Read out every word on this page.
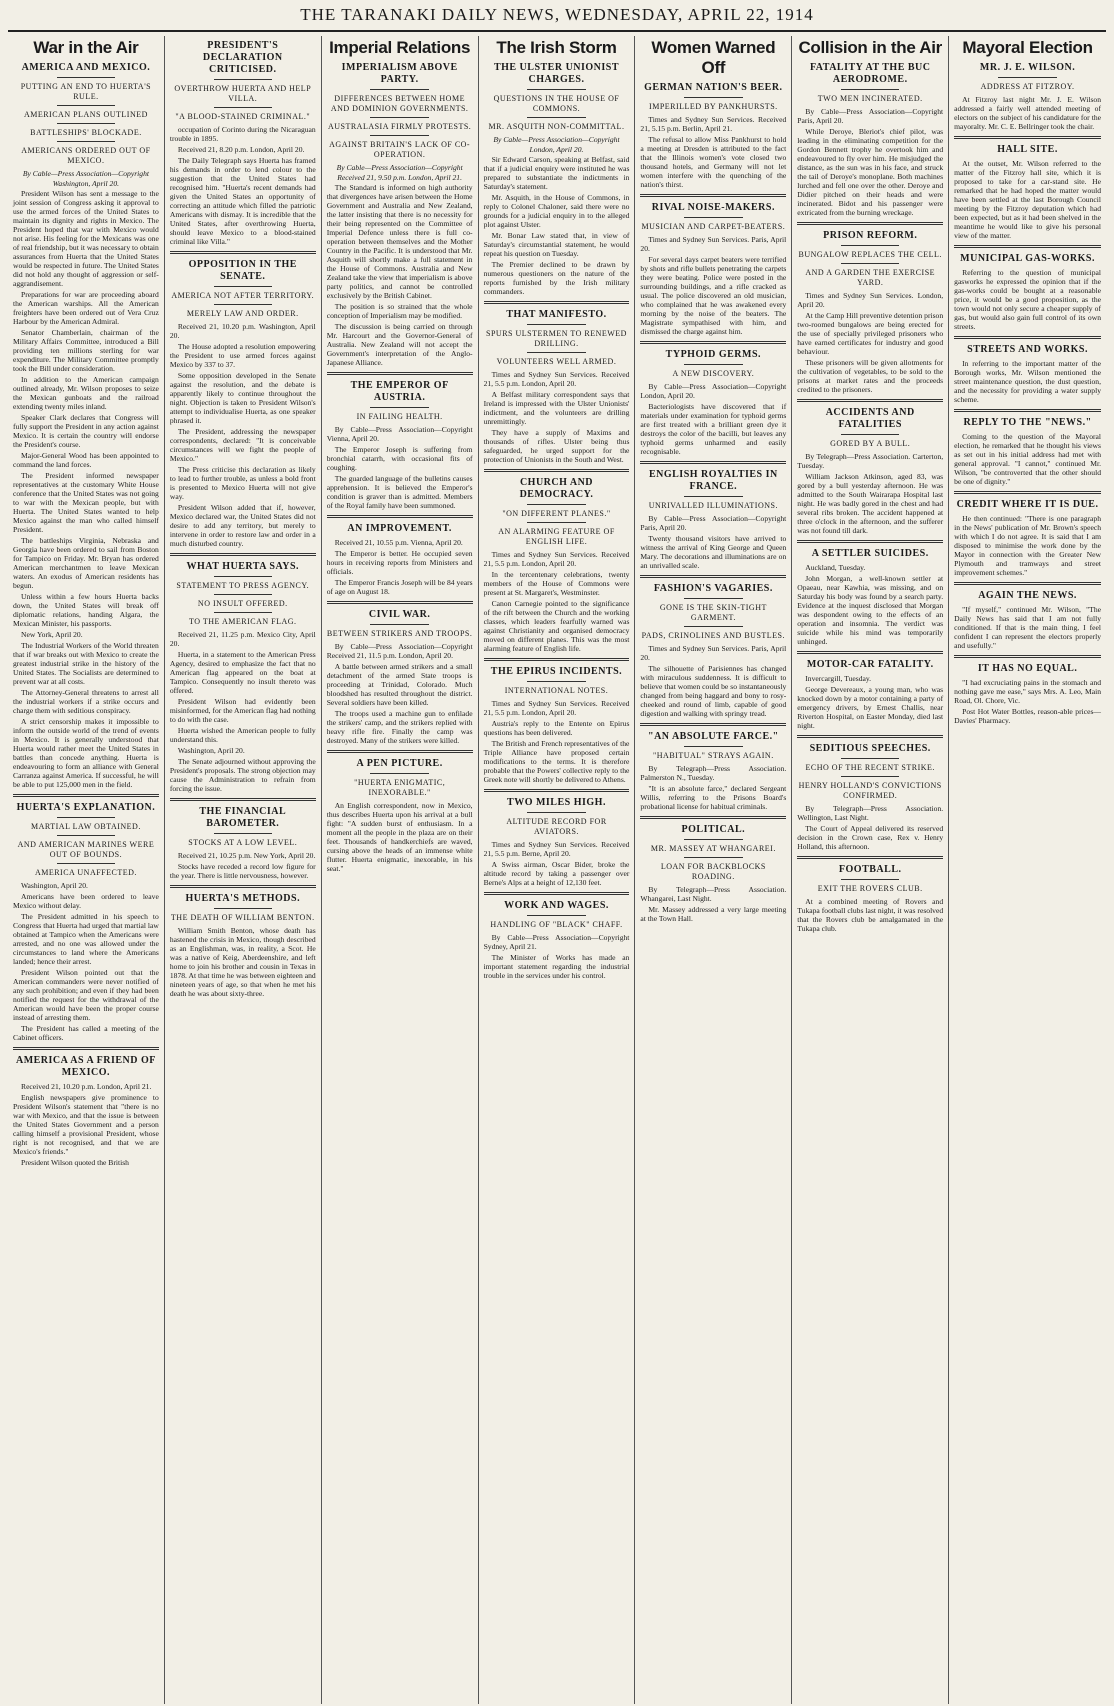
THE TARANAKI DAILY NEWS, WEDNESDAY, APRIL 22, 1914
War in the Air
AMERICA AND MEXICO.
PUTTING AN END TO HUERTA'S RULE.
AMERICAN PLANS OUTLINED
BATTLESHIPS' BLOCKADE.
AMERICANS ORDERED OUT OF MEXICO.
By Cable—Press Association—Copyright
Washington, April 20.

President Wilson has sent a message to the joint session of Congress asking it approval to use the armed forces of the United States to maintain its dignity and rights in Mexico. The President hoped that war with Mexico would not arise. His feeling for the Mexicans was one of real friendship, but it was necessary to obtain assurances from Huerta that the United States would be respected in future. The United States did not hold any thought of aggression or self-aggrandisement.

Preparations for war are proceeding aboard the American warships. All the American freighters have been ordered out of Vera Cruz Harbour by the American Admiral.

Senator Chamberlain, chairman of the Military Affairs Committee, introduced a Bill providing ten millions sterling for war expenditure. The Military Committee promptly took the Bill under consideration.

In addition to the American campaign outlined already, Mr. Wilson proposes to seize the Mexican gunboats and the railroad extending twenty miles inland.

Speaker Clark declares that Congress will fully support the President in any action against Mexico. It is certain the country will endorse the President's course.

Major-General Wood has been appointed to command the land forces.

The President informed newspaper representatives at the customary White House conference that the United States was not going to war with the Mexican people, but with Huerta. The United States wanted to help Mexico against the man who called himself President.

The battleships Virginia, Nebraska and Georgia have been ordered to sail from Boston for Tampico on Friday. Mr. Bryan has ordered American merchantmen to leave Mexican waters. An exodus of American residents has begun.

Unless within a few hours Huerta backs down, the United States will break off diplomatic relations, handing Algara, the Mexican Minister, his passports.

New York, April 20.

The Industrial Workers of the World threaten that if war breaks out with Mexico to create the greatest industrial strike in the history of the United States. The Socialists are determined to prevent war at all costs.

The Attorney-General threatens to arrest all the industrial workers if a strike occurs and charge them with seditious conspiracy.

A strict censorship makes it impossible to inform the outside world of the trend of events in Mexico. It is generally understood that Huerta would rather meet the United States in battles than concede anything. Huerta is endeavouring to form an alliance with General Carranza against America. If successful, he will be able to put 125,000 men in the field.

HUERTA'S EXPLANATION.
MARTIAL LAW OBTAINED.
AND AMERICAN MARINES WERE OUT OF BOUNDS.
AMERICA UNAFFECTED.

Washington, April 20.

Americans have been ordered to leave Mexico without delay.

The President admitted in his speech to Congress that Huerta had urged that martial law obtained at Tampico when the Americans were arrested, and no one was allowed under the circumstances to land where the Americans landed; hence their arrest.

President Wilson pointed out that the American commanders were never notified of any such prohibition; and even if they had been notified the request for the withdrawal of the American would have been the proper course instead of arresting them.

The President has called a meeting of the Cabinet officers.

AMERICA AS A FRIEND OF MEXICO.

Received 21, 10.20 p.m. London, April 21.

English newspapers give prominence to President Wilson's statement that "there is no war with Mexico, and that the issue is between the United States Government and a person calling himself a provisional President, whose right is not recognised, and that we are Mexico's friends."

President Wilson quoted the British

PRESIDENT'S DECLARATION CRITICISED.
OVERTHROW HUERTA AND HELP VILLA.
"A BLOOD-STAINED CRIMINAL."

occupation of Corinto during the Nicaraguan trouble in 1895.

Received 21, 8.20 p.m. London, April 20.

The Daily Telegraph says Huerta has framed his demands in order to lend colour to the suggestion that the United States had recognised him. "Huerta's recent demands had given the United States an opportunity of correcting an attitude which filled the patriotic Americans with dismay. It is incredible that the United States, after overthrowing Huerta, should leave Mexico to a blood-stained criminal like Villa."

OPPOSITION IN THE SENATE.
AMERICA NOT AFTER TERRITORY.
MERELY LAW AND ORDER.

Received 21, 10.20 p.m. Washington, April 20.

The House adopted a resolution empowering the President to use armed forces against Mexico by 337 to 37.

Some opposition developed in the Senate against the resolution, and the debate is apparently likely to continue throughout the night. Objection is taken to President Wilson's attempt to individualise Huerta, as one speaker phrased it.

The President, addressing the newspaper correspondents, declared: "It is conceivable circumstances will we fight the people of Mexico."

The Press criticise this declaration as likely to lead to further trouble, as unless a bold front is presented to Mexico Huerta will not give way.

President Wilson added that if, however, Mexico declared war, the United States did not desire to add any territory, but merely to intervene in order to restore law and order in a much disturbed country.

WHAT HUERTA SAYS.
STATEMENT TO PRESS AGENCY.
NO INSULT OFFERED.
TO THE AMERICAN FLAG.

Received 21, 11.25 p.m. Mexico City, April 20.

Huerta, in a statement to the American Press Agency, desired to emphasize the fact that no American flag appeared on the boat at Tampico. Consequently no insult thereto was offered.

President Wilson had evidently been misinformed, for the American flag had nothing to do with the case.

Huerta wished the American people to fully understand this.

Washington, April 20.

The Senate adjourned without approving the President's proposals. The strong objection may cause the Administration to refrain from forcing the issue.

THE FINANCIAL BAROMETER.
STOCKS AT A LOW LEVEL.

Received 21, 10.25 p.m. New York, April 20.

Stocks have receded a record low figure for the year. There is little nervousness, however.

HUERTA'S METHODS.
THE DEATH OF WILLIAM BENTON.

William Smith Benton, whose death has hastened the crisis in Mexico, though described as an Englishman, was, in reality, a Scot. He was a native of Keig, Aberdeenshire, and left home to join his brother and cousin in Texas in 1878. At that time he was between eighteen and nineteen years of age, so that when he met his death he was about sixty-three.

Imperial Relations
IMPERIALISM ABOVE PARTY.
DIFFERENCES BETWEEN HOME AND DOMINION GOVERNMENTS.
AUSTRALASIA FIRMLY PROTESTS.
AGAINST BRITAIN'S LACK OF CO-OPERATION.
By Cable—Press Association—Copyright
Received 21, 9.50 p.m. London, April 21.

The Standard is informed on high authority that divergences have arisen between the Home Government and Australia and New Zealand, the latter insisting that there is no necessity for their being represented on the Committee of Imperial Defence unless there is full co-operation between themselves and the Mother Country in the Pacific. It is understood that Mr. Asquith will shortly make a full statement in the House of Commons. Australia and New Zealand take the view that imperialism is above party politics, and cannot be controlled exclusively by the British Cabinet.

The position is so strained that the whole conception of Imperialism may be modified.

The discussion is being carried on through Mr. Harcourt and the Governor-General of Australia. New Zealand will not accept the Government's interpretation of the Anglo-Japanese Alliance.

THE EMPEROR OF AUSTRIA.
IN FAILING HEALTH.

By Cable—Press Association—Copyright Vienna, April 20.

The Emperor Joseph is suffering from bronchial catarrh, with occasional fits of coughing.

The guarded language of the bulletins causes apprehension. It is believed the Emperor's condition is graver than is admitted. Members of the Royal family have been summoned.

AN IMPROVEMENT.

Received 21, 10.55 p.m. Vienna, April 20.

The Emperor is better. He occupied seven hours in receiving reports from Ministers and officials.

The Emperor Francis Joseph will be 84 years of age on August 18.

CIVIL WAR.
BETWEEN STRIKERS AND TROOPS.

By Cable—Press Association—Copyright Received 21, 11.5 p.m. London, April 20.

A battle between armed strikers and a small detachment of the armed State troops is proceeding at Trinidad, Colorado. Much bloodshed has resulted throughout the district. Several soldiers have been killed.

The troops used a machine gun to enfilade the strikers' camp, and the strikers replied with heavy rifle fire. Finally the camp was destroyed. Many of the strikers were killed.

A PEN PICTURE.
"HUERTA ENIGMATIC, INEXORABLE."

An English correspondent, now in Mexico, thus describes Huerta upon his arrival at a bull fight: "A sudden burst of enthusiasm. In a moment all the people in the plaza are on their feet. Thousands of handkerchiefs are waved, cursing above the heads of an immense white flutter. Huerta enigmatic, inexorable, in his seat."

The Irish Storm
THE ULSTER UNIONIST CHARGES.
QUESTIONS IN THE HOUSE OF COMMONS.
MR. ASQUITH NON-COMMITTAL.
By Cable—Press Association—Copyright
London, April 20.

Sir Edward Carson, speaking at Belfast, said that if a judicial enquiry were instituted he was prepared to substantiate the indictments in Saturday's statement.

Mr. Asquith, in the House of Commons, in reply to Colonel Chaloner, said there were no grounds for a judicial enquiry in to the alleged plot against Ulster.

Mr. Bonar Law stated that, in view of Saturday's circumstantial statement, he would repeat his question on Tuesday.

The Premier declined to be drawn by numerous questioners on the nature of the reports furnished by the Irish military commanders.

THAT MANIFESTO.
SPURS ULSTERMEN TO RENEWED DRILLING.
VOLUNTEERS WELL ARMED.

Times and Sydney Sun Services. Received 21, 5.5 p.m. London, April 20.

A Belfast military correspondent says that Ireland is impressed with the Ulster Unionists' indictment, and the volunteers are drilling unremittingly.

They have a supply of Maxims and thousands of rifles. Ulster being thus safeguarded, he urged support for the protection of Unionists in the South and West.

CHURCH AND DEMOCRACY.
"ON DIFFERENT PLANES."
AN ALARMING FEATURE OF ENGLISH LIFE.

Times and Sydney Sun Services. Received 21, 5.5 p.m. London, April 20.

In the tercentenary celebrations, twenty members of the House of Commons were present at St. Margaret's, Westminster.

Canon Carnegie pointed to the significance of the rift between the Church and the working classes, which leaders fearfully warned was against Christianity and organised democracy moved on different planes. This was the most alarming feature of English life.

THE EPIRUS INCIDENTS.
INTERNATIONAL NOTES.

Times and Sydney Sun Services. Received 21, 5.5 p.m. London, April 20.

Austria's reply to the Entente on Epirus questions has been delivered.

The British and French representatives of the Triple Alliance have proposed certain modifications to the terms. It is therefore probable that the Powers' collective reply to the Greek note will shortly be delivered to Athens.

TWO MILES HIGH.
ALTITUDE RECORD FOR AVIATORS.

Times and Sydney Sun Services. Received 21, 5.5 p.m. Berne, April 20.

A Swiss airman, Oscar Bider, broke the altitude record by taking a passenger over Berne's Alps at a height of 12,130 feet.

WORK AND WAGES.
HANDLING OF "BLACK" CHAFF.

By Cable—Press Association—Copyright Sydney, April 21.

The Minister of Works has made an important statement regarding the industrial trouble in the services under his control.

Women Warned Off
GERMAN NATION'S BEER.
IMPERILLED BY PANKHURSTS.

Times and Sydney Sun Services. Received 21, 5.15 p.m. Berlin, April 21.

The refusal to allow Miss Pankhurst to hold a meeting at Dresden is attributed to the fact that the Illinois women's vote closed two thousand hotels, and Germany will not let women interfere with the quenching of the nation's thirst.

RIVAL NOISE-MAKERS.
MUSICIAN AND CARPET-BEATERS.

Times and Sydney Sun Services. Paris, April 20.

For several days carpet beaters were terrified by shots and rifle bullets penetrating the carpets they were beating. Police were posted in the surrounding buildings, and a rifle cracked as usual. The police discovered an old musician, who complained that he was awakened every morning by the noise of the beaters. The Magistrate sympathised with him, and dismissed the charge against him.

TYPHOID GERMS.
A NEW DISCOVERY.

By Cable—Press Association—Copyright London, April 20.

Bacteriologists have discovered that if materials under examination for typhoid germs are first treated with a brilliant green dye it destroys the color of the bacilli, but leaves any typhoid germs unharmed and easily recognisable.

ENGLISH ROYALTIES IN FRANCE.
UNRIVALLED ILLUMINATIONS.

By Cable—Press Association—Copyright Paris, April 20.

Twenty thousand visitors have arrived to witness the arrival of King George and Queen Mary. The decorations and illuminations are on an unrivalled scale.

FASHION'S VAGARIES.
GONE IS THE SKIN-TIGHT GARMENT.
PADS, CRINOLINES AND BUSTLES.

Times and Sydney Sun Services. Paris, April 20.

The silhouette of Parisiennes has changed with miraculous suddenness. It is difficult to believe that women could be so instantaneously changed from being haggard and bony to rosy-cheeked and round of limb, capable of good digestion and walking with springy tread.

"AN ABSOLUTE FARCE."
"HABITUAL" STRAYS AGAIN.

By Telegraph—Press Association. Palmerston N., Tuesday.

"It is an absolute farce," declared Sergeant Willis, referring to the Prisons Board's probational license for habitual criminals.

POLITICAL.
MR. MASSEY AT WHANGAREI.
LOAN FOR BACKBLOCKS ROADING.

By Telegraph—Press Association. Whangarei, Last Night.

Mr. Massey addressed a very large meeting at the Town Hall.

Collision in the Air
FATALITY AT THE BUC AERODROME.
TWO MEN INCINERATED.

By Cable—Press Association—Copyright Paris, April 20.

While Deroye, Bleriot's chief pilot, was leading in the eliminating competition for the Gordon Bennett trophy he overtook him and endeavoured to fly over him. He misjudged the distance, as the sun was in his face, and struck the tail of Deroye's monoplane. Both machines lurched and fell one over the other. Deroye and Didier pitched on their heads and were incinerated. Bidot and his passenger were extricated from the burning wreckage.

PRISON REFORM.
BUNGALOW REPLACES THE CELL.
AND A GARDEN THE EXERCISE YARD.

Times and Sydney Sun Services. London, April 20.

At the Camp Hill preventive detention prison two-roomed bungalows are being erected for the use of specially privileged prisoners who have earned certificates for industry and good behaviour.

These prisoners will be given allotments for the cultivation of vegetables, to be sold to the prisons at market rates and the proceeds credited to the prisoners.

ACCIDENTS AND FATALITIES
GORED BY A BULL.

By Telegraph—Press Association. Carterton, Tuesday.

William Jackson Atkinson, aged 83, was gored by a bull yesterday afternoon. He was admitted to the South Wairarapa Hospital last night. He was badly gored in the chest and had several ribs broken. The accident happened at three o'clock in the afternoon, and the sufferer was not found till dark.

A SETTLER SUICIDES.

Auckland, Tuesday.

John Morgan, a well-known settler at Opaeau, near Kawhia, was missing, and on Saturday his body was found by a search party. Evidence at the inquest disclosed that Morgan was despondent owing to the effects of an operation and insomnia. The verdict was suicide while his mind was temporarily unhinged.

MOTOR-CAR FATALITY.

Invercargill, Tuesday.

George Devereaux, a young man, who was knocked down by a motor containing a party of emergency drivers, by Ernest Challis, near Riverton Hospital, on Easter Monday, died last night.

SEDITIOUS SPEECHES.
ECHO OF THE RECENT STRIKE.
HENRY HOLLAND'S CONVICTIONS CONFIRMED.

By Telegraph—Press Association. Wellington, Last Night.

The Court of Appeal delivered its reserved decision in the Crown case, Rex v. Henry Holland, this afternoon.

FOOTBALL.
EXIT THE ROVERS CLUB.

At a combined meeting of Rovers and Tukapa football clubs last night, it was resolved that the Rovers club be amalgamated in the Tukapa club.

Mayoral Election
MR. J. E. WILSON.
ADDRESS AT FITZROY.

At Fitzroy last night Mr. J. E. Wilson addressed a fairly well attended meeting of electors on the subject of his candidature for the mayoralty. Mr. C. E. Bellringer took the chair.

HALL SITE.

At the outset, Mr. Wilson referred to the matter of the Fitzroy hall site, which it is proposed to take for a car-stand site. He remarked that he had hoped the matter would have been settled at the last Borough Council meeting by the Fitzroy deputation which had been expected, but as it had been shelved in the meantime he would like to give his personal view of the matter.

MUNICIPAL GAS-WORKS.

Referring to the question of municipal gasworks he expressed the opinion that if the gas-works could be bought at a reasonable price, it would be a good proposition, as the town would not only secure a cheaper supply of gas, but would also gain full control of its own streets.

STREETS AND WORKS.

In referring to the important matter of the Borough works, Mr. Wilson mentioned the street maintenance question, the dust question, and the necessity for providing a water supply scheme.

REPLY TO THE "NEWS."

Coming to the question of the Mayoral election, he remarked that he thought his views as set out in his initial address had met with general approval. "I cannot," continued Mr. Wilson, "be controverted that the other should be one of dignity."

CREDIT WHERE IT IS DUE.

He then continued: "There is one paragraph in the News' publication of Mr. Brown's speech with which I do not agree. It is said that I am disposed to minimise the work done by the Mayor in connection with the Greater New Plymouth and tramways and street improvement schemes."

AGAIN THE NEWS.

"If myself," continued Mr. Wilson, "The Daily News has said that I am not fully conditioned. If that is the main thing, I feel confident I can represent the electors properly and usefully."

IT HAS NO EQUAL.

"I had excruciating pains in the stomach and nothing gave me ease," says Mrs. A. Leo, Main Road, Ol. Chore, Vic.

Post Hot Water Bottles, reason-able prices—Davies' Pharmacy.
